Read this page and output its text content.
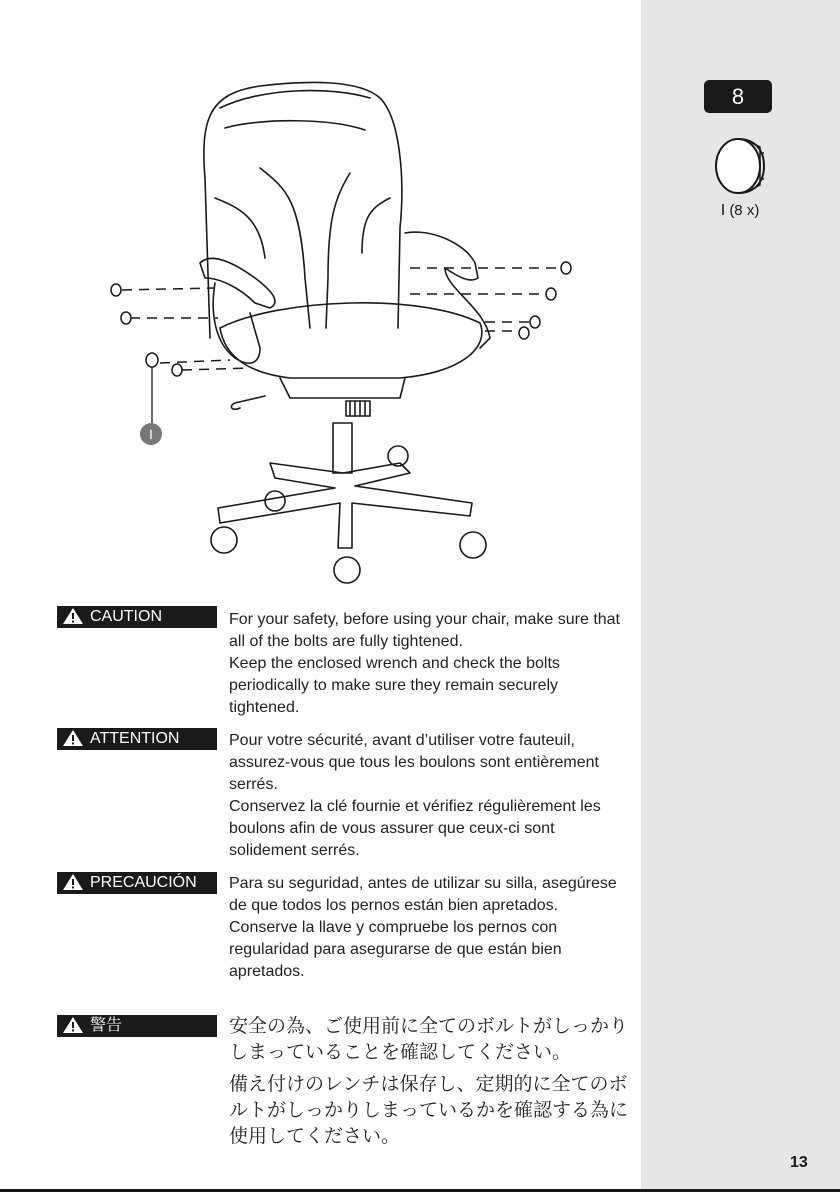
8
I (8 x)
I
CAUTION	For your safety, before using your chair, make sure that all of the bolts are fully tightened.

Keep the enclosed wrench and check the bolts periodically to make sure they remain securely tightened.

ATTENTION	Pour votre sécurité, avant d’utiliser votre fauteuil, assurez-vous que tous les boulons sont entièrement serrés.

Conservez la clé fournie et vérifiez régulièrement les boulons afin de vous assurer que ceux-ci sont solidement serrés.

PRECAUCIÓN	Para su seguridad, antes de utilizar su silla, asegúrese de que todos los pernos están bien apretados.

Conserve la llave y compruebe los pernos con regularidad para asegurarse de que están bien apretados.

警告	安全の為、ご使用前に全てのボルトがしっかりしまっていることを確認してください。

備え付けのレンチは保存し、定期的に全てのボルトがしっかりしまっているかを確認する為に使用してください。

13
